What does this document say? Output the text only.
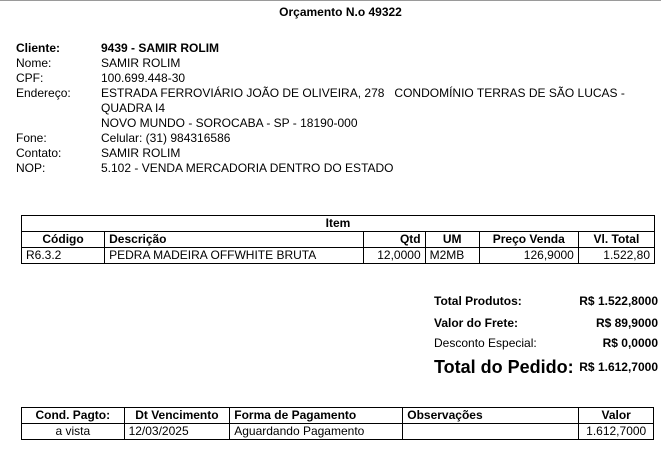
Orçamento N.o 49322
Cliente:	9439 - SAMIR ROLIM
Nome:	SAMIR ROLIM
CPF:	100.699.448-30
Endereço:	ESTRADA FERROVIÁRIO JOÃO DE OLIVEIRA, 278   CONDOMÍNIO TERRAS DE SÃO LUCAS -
QUADRA I4
NOVO MUNDO - SOROCABA - SP - 18190-000
Fone:	Celular: (31) 984316586
Contato:	SAMIR ROLIM
NOP:	5.102 - VENDA MERCADORIA DENTRO DO ESTADO
Item					
Código	Descrição	Qtd	UM	Preço Venda	Vl. Total
R6.3.2	PEDRA MADEIRA OFFWHITE BRUTA	12,0000	M2MB	126,9000	1.522,80
Total Produtos:	R$ 1.522,8000
Valor do Frete:	R$ 89,9000
Desconto Especial:	R$ 0,0000
Total do Pedido: R$ 1.612,7000
Cond. Pagto:	Dt Vencimento	Forma de Pagamento	Observações	Valor
a vista	12/03/2025	Aguardando Pagamento		1.612,7000
